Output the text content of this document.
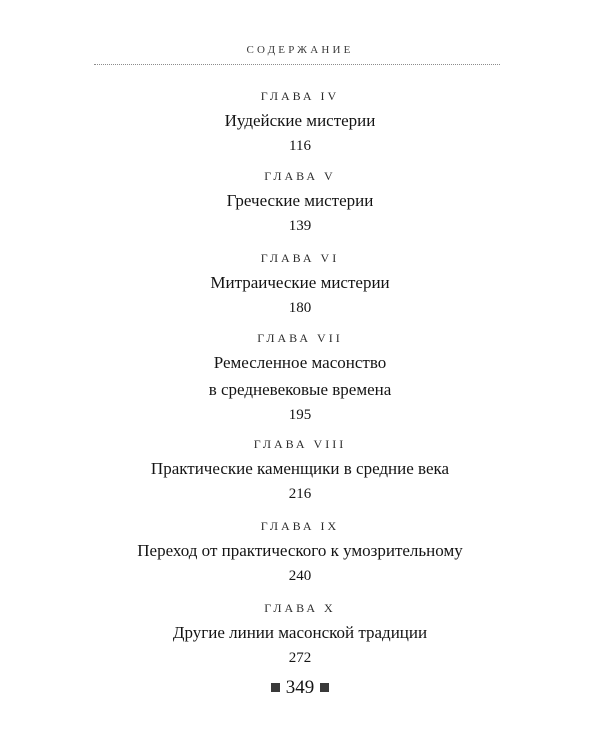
СОДЕРЖАНИЕ
ГЛАВА IV
Иудейские мистерии
116
ГЛАВА V
Греческие мистерии
139
ГЛАВА VI
Митраические мистерии
180
ГЛАВА VII
Ремесленное масонство
в средневековые времена
195
ГЛАВА VIII
Практические каменщики в средние века
216
ГЛАВА IX
Переход от практического к умозрительному
240
ГЛАВА X
Другие линии масонской традиции
272
349
